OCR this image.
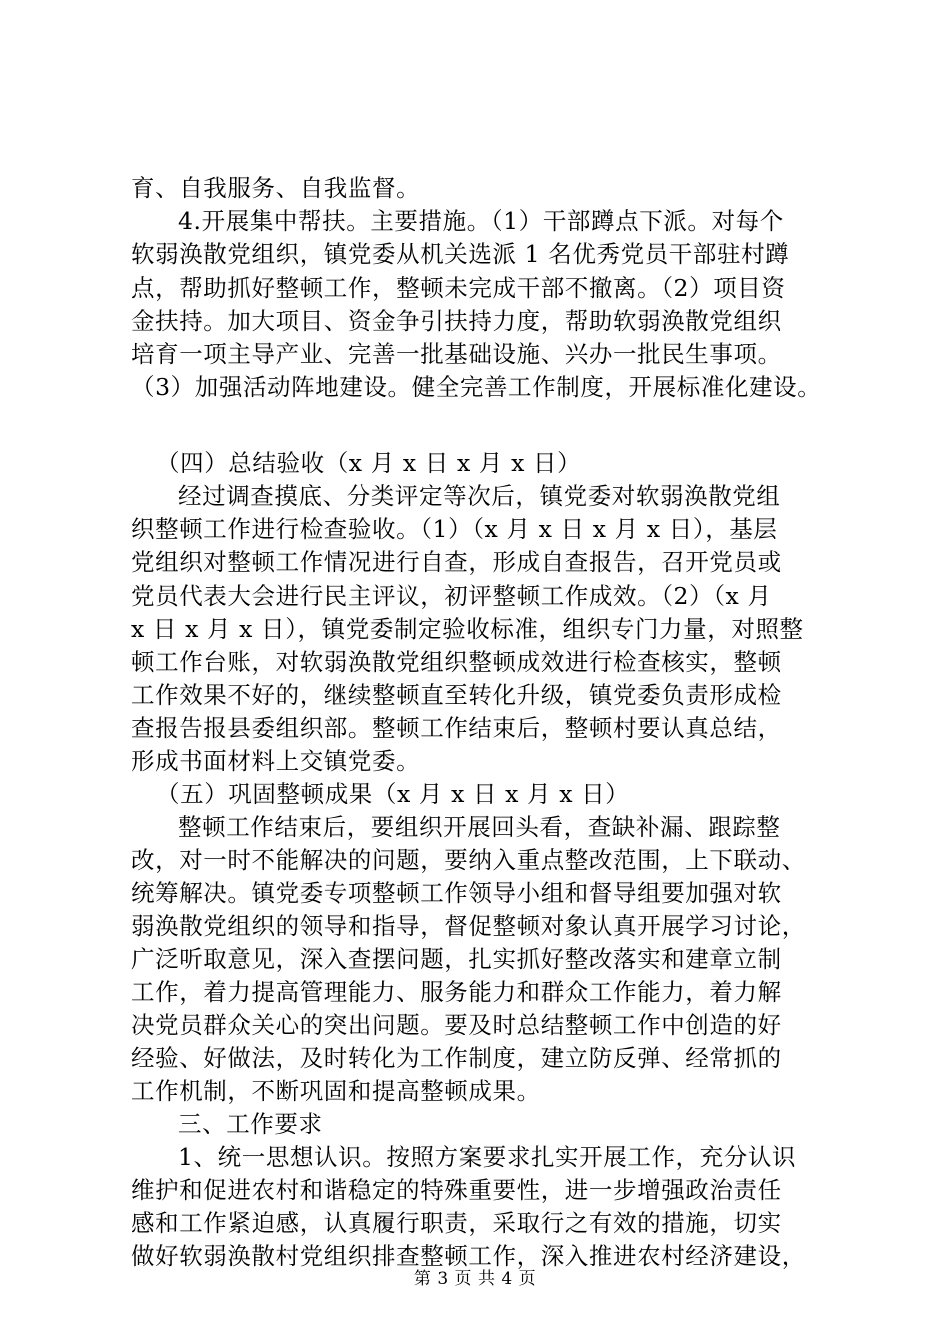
育、自我服务、自我监督。
4.开展集中帮扶。主要措施。（1）干部蹲点下派。对每个
软弱涣散党组织，镇党委从机关选派 1 名优秀党员干部驻村蹲
点，帮助抓好整顿工作，整顿未完成干部不撤离。（2）项目资
金扶持。加大项目、资金争引扶持力度，帮助软弱涣散党组织
培育一项主导产业、完善一批基础设施、兴办一批民生事项。
（3）加强活动阵地建设。健全完善工作制度，开展标准化建设。
（四）总结验收（x 月 x 日 x 月 x 日）
经过调查摸底、分类评定等次后，镇党委对软弱涣散党组
织整顿工作进行检查验收。（1）（x 月 x 日 x 月 x 日），基层
党组织对整顿工作情况进行自查，形成自查报告，召开党员或
党员代表大会进行民主评议，初评整顿工作成效。（2）（x 月
x 日 x 月 x 日），镇党委制定验收标准，组织专门力量，对照整
顿工作台账，对软弱涣散党组织整顿成效进行检查核实，整顿
工作效果不好的，继续整顿直至转化升级，镇党委负责形成检
查报告报县委组织部。整顿工作结束后，整顿村要认真总结，
形成书面材料上交镇党委。
（五）巩固整顿成果（x 月 x 日 x 月 x 日）
整顿工作结束后，要组织开展回头看，查缺补漏、跟踪整
改，对一时不能解决的问题，要纳入重点整改范围，上下联动、
统筹解决。镇党委专项整顿工作领导小组和督导组要加强对软
弱涣散党组织的领导和指导，督促整顿对象认真开展学习讨论，
广泛听取意见，深入查摆问题，扎实抓好整改落实和建章立制
工作，着力提高管理能力、服务能力和群众工作能力，着力解
决党员群众关心的突出问题。要及时总结整顿工作中创造的好
经验、好做法，及时转化为工作制度，建立防反弹、经常抓的
工作机制，不断巩固和提高整顿成果。
三、工作要求
1、统一思想认识。按照方案要求扎实开展工作，充分认识
维护和促进农村和谐稳定的特殊重要性，进一步增强政治责任
感和工作紧迫感，认真履行职责，采取行之有效的措施，切实
做好软弱涣散村党组织排查整顿工作，深入推进农村经济建设，
第 3 页 共 4 页
